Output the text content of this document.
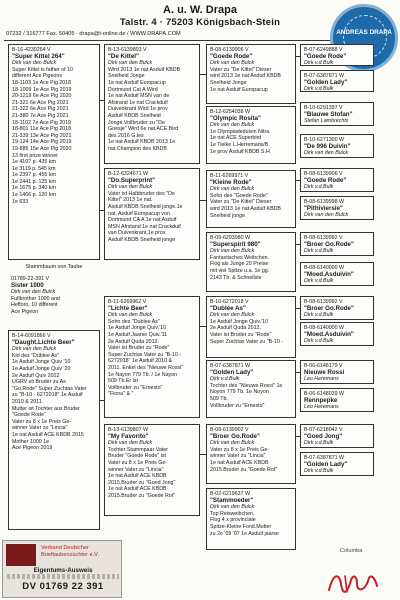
A. u. W. Drapa
Talstr. 4 · 75203 Königsbach-Stein
07232 / 316777 Fax. 50405 · drapa@t-online.de / WWW.DRAPA.COM	ANDREAS DRAPA
B-16-4230264 V
"Super Kittel 264"
Dirk van den Bulck
Super Kittel is father of 10
different Ace Pigeons
18-1103 1e Ace Pig 2018
18-1009 1e Ace Pig 2019
20-1219 6e Ace Pig 2020
21-321 6e Ace Pig 2021
21-322 6e Ace Pig 2021
21-380 7e Ace Pig 2021
18-1102 7e Ace Pig 2019
18-801 11e Ace Pig 2018
21-339 13e Ace Pig 2021
19-124 14e Ace Pig 2019
19-885 15e Ace Pig 2020
13 first prize winner
1e 4107 p. 435 km
1e 3119 p. 545 km
1e 2397 p. 455 km
1e 2441 p. 125 km
1e 1675 p. 340 km
1e 1466 p. 120 km
1e 633
Stammbaum von Taube
01789-22-391 V
Sister 1000
Dirk van den Bulck
Fullbrother 1000 and
Hefforo, 10 different
Ace Pigeon
B-14-6091866 V
"Daught.Lichte Beer"
Dirk van den Bulck
Kid des "Dublee As"
1e Asduif Jonge Quiv '10
1e Asduif Jonge Quiv '20
2e Asduif Quiv 2012
UGRV sit Bruder zu As
"Go.Rode" Super Zuchtas Vater
zu "B-10 - 6272018" 1e Asduif
2010 & 2011.
Mutter ist Tochter aus Bruder
"Goede Rode"
Vater zu 8 x 1e Preis Ge-
winner Vater zu "Lincia"
1e nat Asduif ACE KBDB 2015
Mother 1000 1e
Ace Pigeon 2019
B-13-6139803 V
"De Kittel"
Dirk van den Bulck
Wird 2013 1e nat Asduif KBDB
Snelheid Jonge
1e nat Asduif Europacup
Dortmund Cat A Wird
1e nat Asduif MSN van de
Afstrand 1e nat Crackduif
Duivenkrant Wird 1e prov
Asduif KBDB Snelheid
Jonge.Vollbruder zu "De
Goesje" Wird 6e nat ACE Bird
des 2016 G.les
1e nat Asduif KBDB 2013 1e
nat.Champion des KBDB
B-12-6324671 W
"Do.Superprint"
Dirk van den Bulck
Vater ist Halbbruder des "De
Kittel" 2013 1e nat.
Asduif KBDB Snelheid jonge.1e
nat. Asduif Europacup von
Dortmund CA A 1e nat Asduif
MSN Afrstand 1e nat Crackduif
van Duivenkrant,1e prov.
Asduif KBDB Snelheid jonge
B-11-6269962 V
"Lichte Beer"
Dirk van den Bulck
Sohn des "Dublee As"
1e Asduif Jonge Quiv.'10
1e Asduif Jaarse Quiv.'11
2e Asduif Quda 2012.
Vater ist Bruder zu "Rode"
Super Zuchtas Vater zu "B-10 -
6272018" 1e Asduif 2010 &
2011. Enkel des "Nieuwe Rossi"
1e Nayon 779 Tb. / 1e Nayon
509 Tb.Er ist
Vollbruder zu "Ernesto"
"Fiona" & "
B-13-6139807 W
"My Favorito"
Dirk van den Bulck
Tochter Stammpaar Vater
Bruder "Goede Rode" ist
Vater zu 8 x 1e Preis Ge-
winner Vater zu "Lincia"
1e nat Asduif ACE KBDB
2015.Bruder zu "Goed Jong"
1e nat Asduif ACE KBDB
2015.Bruder zu "Goede Rot"
B-08-6139906 V
"Goede Rode"
Dirk van den Bulck
Vater zu "De Kittel" Dieser
wird 2013 1e nat Asduif KBDB
Snelheid Jonge
1e nat Asduif Europacup
B-12-6254038 W
"Olympic Rosita"
Dirk van den Bulck
1e Olympiadeduivin Nitra.
1e nat ACE Superbird
1e Tielke L.Herremans/B
1e prov Asduif KBDB S.H
B-11-6269971 V
"Kleine Rode"
Dirk van den Bulck
Sohn des "Goede Rode"
Vater zu "De Kittel" Dieser
wird 2013 1e nat Asduif KBDB
Snelheid jonge
B-09-6293980 W
"Superspirit 980"
Dirk van den Bulck
Fantastisches Weibchen.
Flog als Junge 20 Preise
mit viel Spitze u.a. 1e gg.
2143 Tb. & Schnellste
B-10-6272018 V
"Dublée As"
Dirk van den Bulck
1e Asduif Jonge Quiv.'10
2e Asduif Quda 2012.
Vater ist Bruder zu "Rode"
Super Zuchtas Vater zu "B-10 -
B-07-6387871 W
"Golden Lady"
Dirk v.d.Bulk
Tochter des "Nieuwe Rossi" 1e
Noyon 779 Tb. 1e Noyon
509 Tb.
Vollbruder zu "Ernesto"
B-08-6139902 V
"Broer Go.Rode"
Dirk van den Bulck
Vater zu 8 x 1e Preis Ge-
winner Vater zu "Lincia"
1e nat Asduif ACE KBDB
2015.Bruder zu "Goede Rot"
B-02-6219637 W
"Stammoeder"
Dirk van den Bulck
Top Reisweibchen.
Flog 4 x provinciale
Spitze-Kleine Fond.Mutter
zu 2e '09 '07 1e Asduif jaarse
B-07-6249888 V
"Goede Rode"
Dirk v.d.Bulk
B-07-6387871 W
"Golden Lady"
Dirk v.d.Bulk
B-10-6291397 V
"Blauwe Stofan"
Stefan Lambrechts
B-10-6271300 W
"De 996 Duivin"
Dirk van den Bulck
B-08-6139906 V
"Goede Rode"
Dirk v.d.Bulk
B-08-6139998 W
"Pithiviersie"
Dirk van den Bulck
B-08-6139992 V
"Broer Go.Rode"
Dirk v.d.Bulk
B-08-6140000 W
"Moed.Asduivin"
Dirk v.d.Bulk
B-08-6139992 V
"Broer Go.Rode"
Dirk v.d.Bulk
B-08-6140000 W
"Moed.Asduivin"
Dirk v.d.Bulk
B-06-6148179 V
Nieuwe Rossi
Leo Heremans
B-06-6148039 W
Rennpepke
Leo Heremans
B-07-6218042 V
"Goed Jong"
Dirk v.d.Bulk
B-07-6387871 W
"Golden Lady"
Dirk v.d.Bulk
Verband Deutscher Brieftaubenzüchter e.V.
Eigentums-Ausweis
DV 01769 22 391
Columba
